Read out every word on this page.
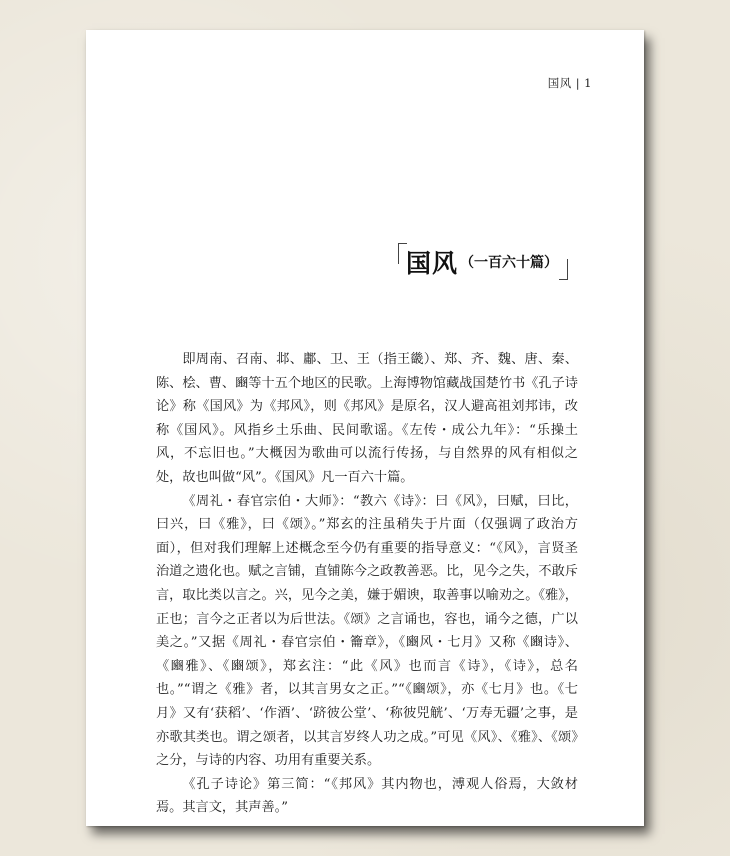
国风 | 1
国风 （一百六十篇）

即周南、召南、邶、鄘、卫、王（指王畿）、郑、齐、魏、唐、秦、陈、桧、曹、豳等十五个地区的民歌。上海博物馆藏战国楚竹书《孔子诗论》称《国风》为《邦风》，则《邦风》是原名，汉人避高祖刘邦讳，改称《国风》。风指乡土乐曲、民间歌谣。《左传・成公九年》：“乐操土风，不忘旧也。”大概因为歌曲可以流行传扬，与自然界的风有相似之处，故也叫做“风”。《国风》凡一百六十篇。

《周礼・春官宗伯・大师》：“教六《诗》：曰《风》，曰赋，曰比，曰兴，曰《雅》，曰《颂》。”郑玄的注虽稍失于片面（仅强调了政治方面），但对我们理解上述概念至今仍有重要的指导意义：“《风》，言贤圣治道之遗化也。赋之言铺，直铺陈今之政教善恶。比，见今之失，不敢斥言，取比类以言之。兴，见今之美，嫌于媚谀，取善事以喻劝之。《雅》，正也；言今之正者以为后世法。《颂》之言诵也，容也，诵今之德，广以美之。”又据《周礼・春官宗伯・籥章》，《豳风・七月》又称《豳诗》、《豳雅》、《豳颂》，郑玄注：“此《风》也而言《诗》，《诗》，总名也。”“谓之《雅》者，以其言男女之正。”“《豳颂》，亦《七月》也。《七月》又有‘获稻’、‘作酒’、‘跻彼公堂’、‘称彼兕觥’、‘万寿无疆’之事，是亦歌其类也。谓之颂者，以其言岁终人功之成。”可见《风》、《雅》、《颂》之分，与诗的内容、功用有重要关系。

《孔子诗论》第三简：“《邦风》其内物也，溥观人俗焉，大敛材焉。其言文，其声善。”
